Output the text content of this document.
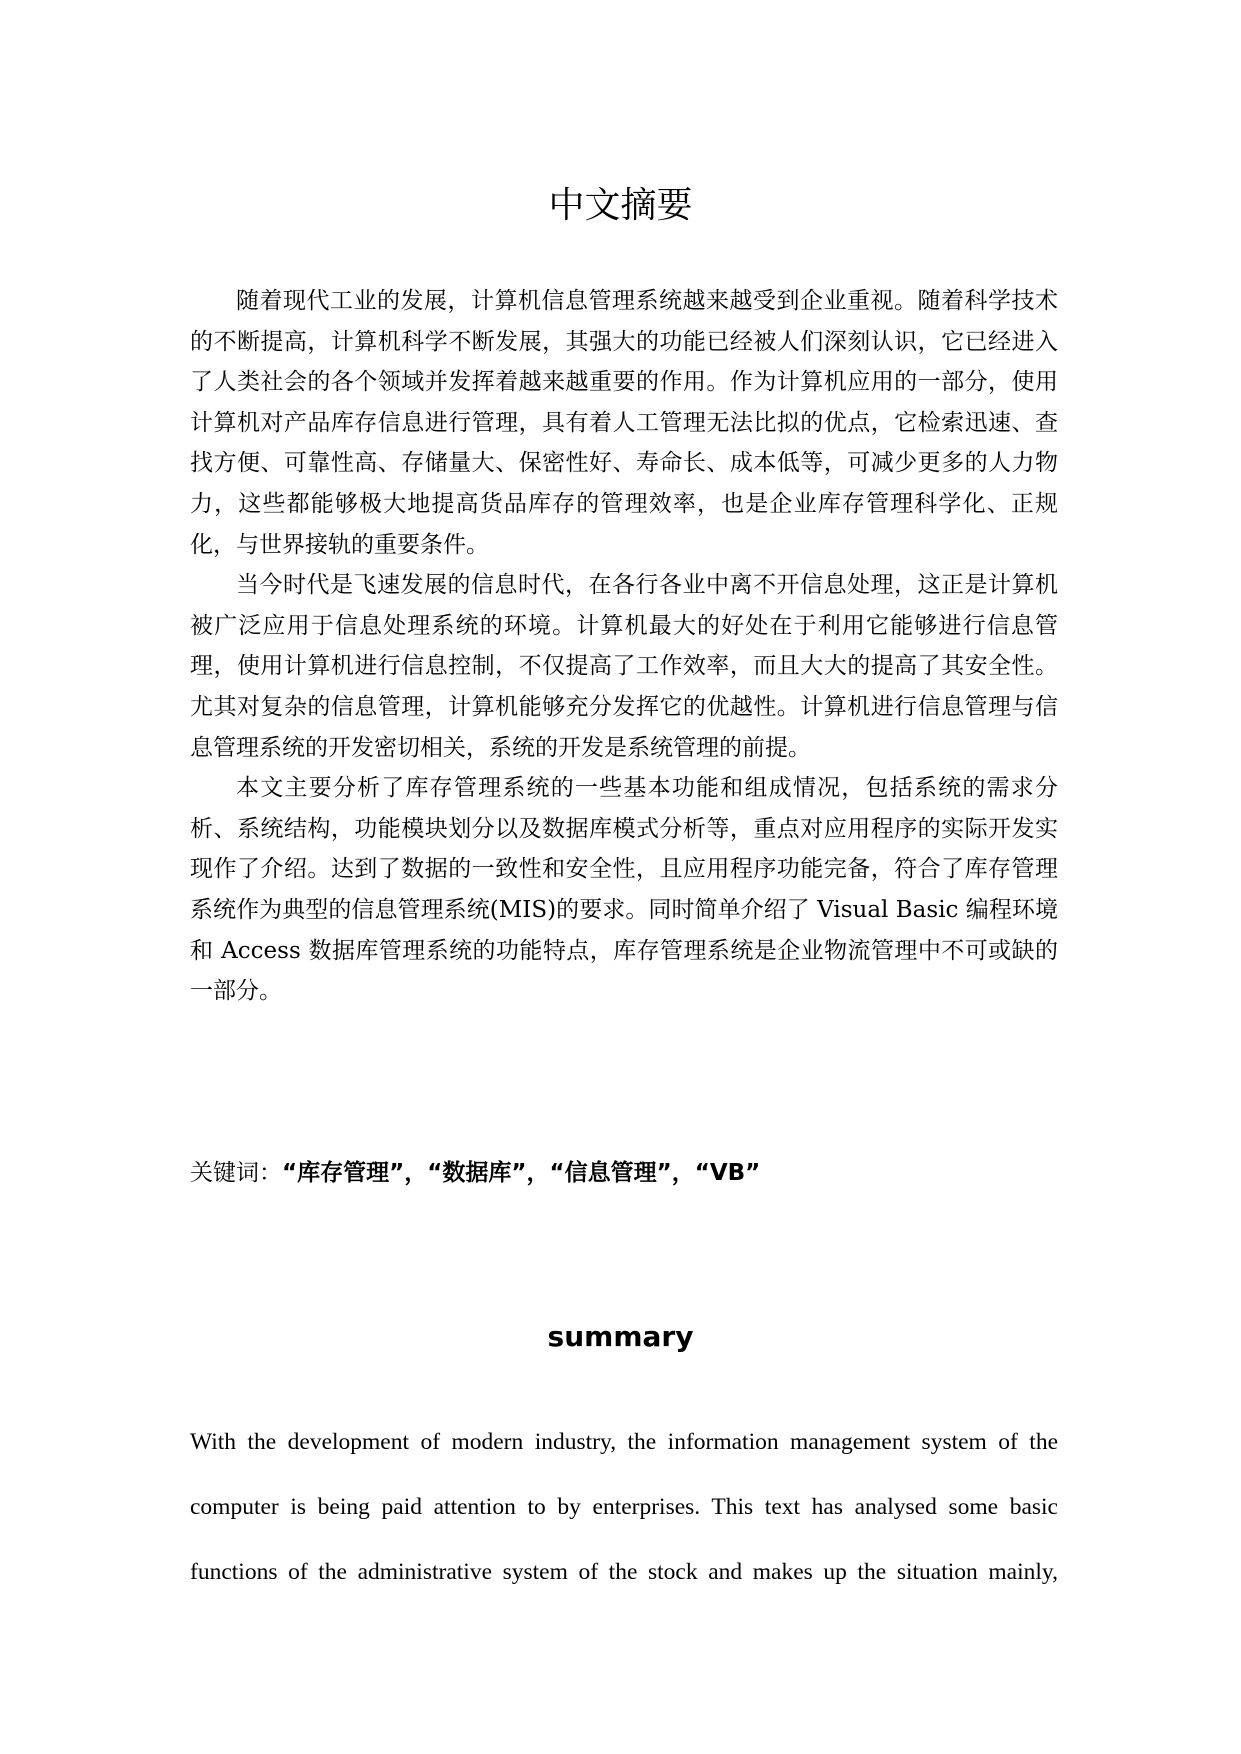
中文摘要

随着现代工业的发展，计算机信息管理系统越来越受到企业重视。随着科学技术的不断提高，计算机科学不断发展，其强大的功能已经被人们深刻认识，它已经进入了人类社会的各个领域并发挥着越来越重要的作用。作为计算机应用的一部分，使用计算机对产品库存信息进行管理，具有着人工管理无法比拟的优点，它检索迅速、查找方便、可靠性高、存储量大、保密性好、寿命长、成本低等，可减少更多的人力物力，这些都能够极大地提高货品库存的管理效率，也是企业库存管理科学化、正规化，与世界接轨的重要条件。

当今时代是飞速发展的信息时代，在各行各业中离不开信息处理，这正是计算机被广泛应用于信息处理系统的环境。计算机最大的好处在于利用它能够进行信息管理，使用计算机进行信息控制，不仅提高了工作效率，而且大大的提高了其安全性。尤其对复杂的信息管理，计算机能够充分发挥它的优越性。计算机进行信息管理与信息管理系统的开发密切相关，系统的开发是系统管理的前提。

本文主要分析了库存管理系统的一些基本功能和组成情况，包括系统的需求分析、系统结构，功能模块划分以及数据库模式分析等，重点对应用程序的实际开发实现作了介绍。达到了数据的一致性和安全性，且应用程序功能完备，符合了库存管理系统作为典型的信息管理系统(MIS)的要求。同时简单介绍了 Visual Basic 编程环境和 Access 数据库管理系统的功能特点，库存管理系统是企业物流管理中不可或缺的一部分。

关键词：“库存管理”，“数据库”，“信息管理”，“VB”
summary

With the development of modern industry, the information management system of the

computer is being paid attention to by enterprises. This text has analysed some basic

functions of the administrative system of the stock and makes up the situation mainly,
